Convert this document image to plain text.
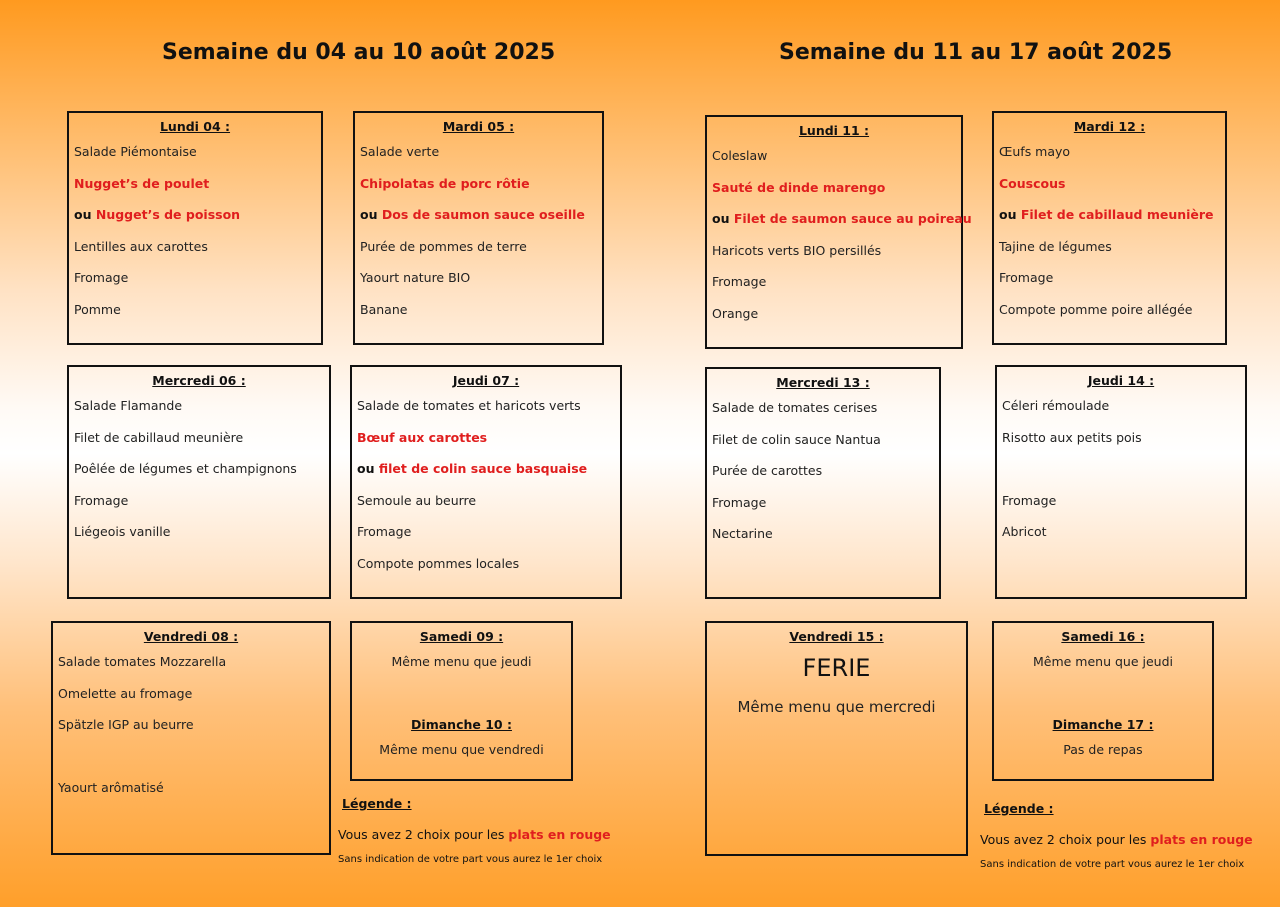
Semaine du 04 au 10 août 2025	Semaine du 11 au 17 août 2025
Lundi 04 :
Salade Piémontaise
Nugget’s de poulet
ou Nugget’s de poisson
Lentilles aux carottes
Fromage
Pomme
Mardi 05 :
Salade verte
Chipolatas de porc rôtie
ou Dos de saumon sauce oseille
Purée de pommes de terre
Yaourt nature BIO
Banane
Mercredi 06 :
Salade Flamande
Filet de cabillaud meunière
Poêlée de légumes et champignons
Fromage
Liégeois vanille
Jeudi 07 :
Salade de tomates et haricots verts
Bœuf aux carottes
ou filet de colin sauce basquaise
Semoule au beurre
Fromage
Compote pommes locales
Vendredi 08 :
Salade tomates Mozzarella
Omelette au fromage
Spätzle IGP au beurre
Yaourt arômatisé
Samedi 09 :
Même menu que jeudi
Dimanche 10 :
Même menu que vendredi
Légende :
Vous avez 2 choix pour les plats en rouge
Sans indication de votre part vous aurez le 1er choix
Lundi 11 :
Coleslaw
Sauté de dinde marengo
ou Filet de saumon sauce au poireau
Haricots verts BIO persillés
Fromage
Orange
Mardi 12 :
Œufs mayo
Couscous
ou Filet de cabillaud meunière
Tajine de légumes
Fromage
Compote pomme poire allégée
Mercredi 13 :
Salade de tomates cerises
Filet de colin sauce Nantua
Purée de carottes
Fromage
Nectarine
Jeudi 14 :
Céleri rémoulade
Risotto aux petits pois
Fromage
Abricot
Vendredi 15 :
FERIE
Même menu que mercredi
Samedi 16 :
Même menu que jeudi
Dimanche 17 :
Pas de repas
Légende :
Vous avez 2 choix pour les plats en rouge
Sans indication de votre part vous aurez le 1er choix
